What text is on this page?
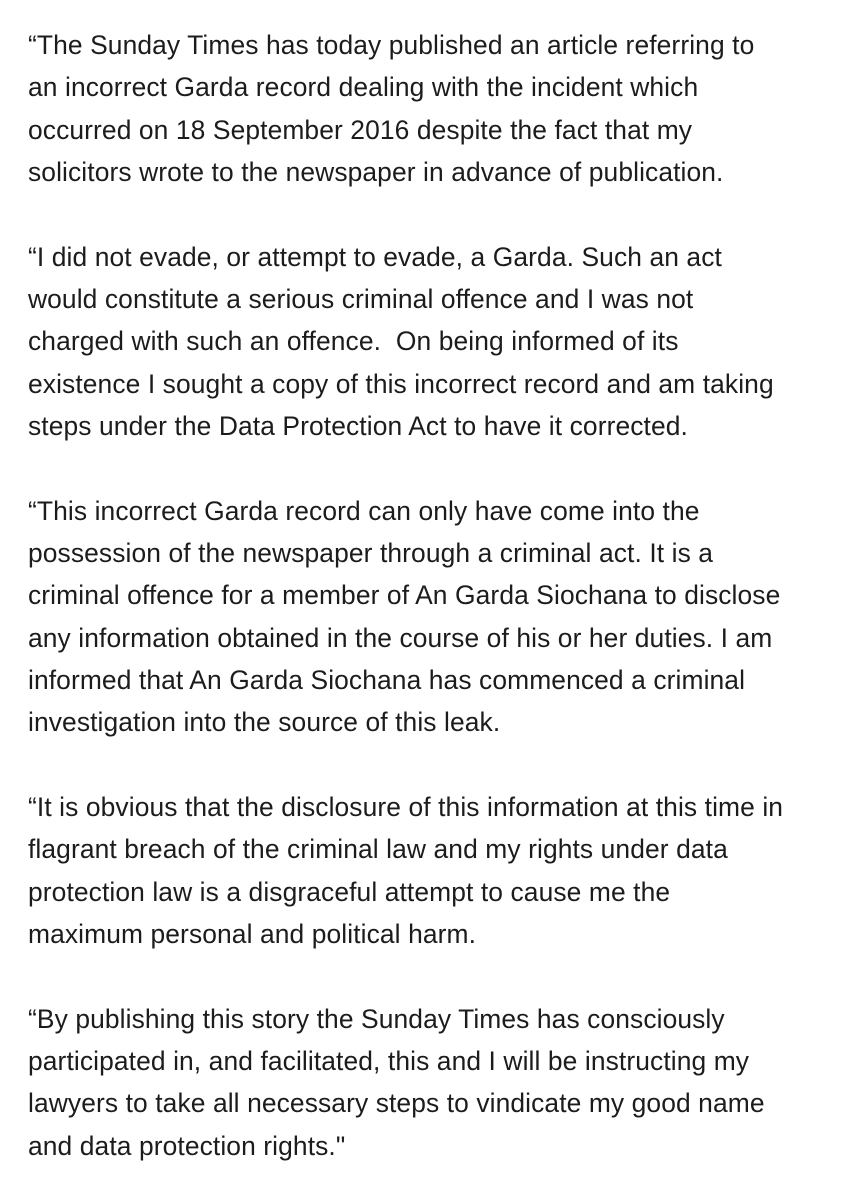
“The Sunday Times has today published an article referring to
an incorrect Garda record dealing with the incident which
occurred on 18 September 2016 despite the fact that my
solicitors wrote to the newspaper in advance of publication.
“I did not evade, or attempt to evade, a Garda. Such an act
would constitute a serious criminal offence and I was not
charged with such an offence.  On being informed of its
existence I sought a copy of this incorrect record and am taking
steps under the Data Protection Act to have it corrected.
“This incorrect Garda record can only have come into the
possession of the newspaper through a criminal act. It is a
criminal offence for a member of An Garda Siochana to disclose
any information obtained in the course of his or her duties. I am
informed that An Garda Siochana has commenced a criminal
investigation into the source of this leak.
“It is obvious that the disclosure of this information at this time in
flagrant breach of the criminal law and my rights under data
protection law is a disgraceful attempt to cause me the
maximum personal and political harm.
“By publishing this story the Sunday Times has consciously
participated in, and facilitated, this and I will be instructing my
lawyers to take all necessary steps to vindicate my good name
and data protection rights."
